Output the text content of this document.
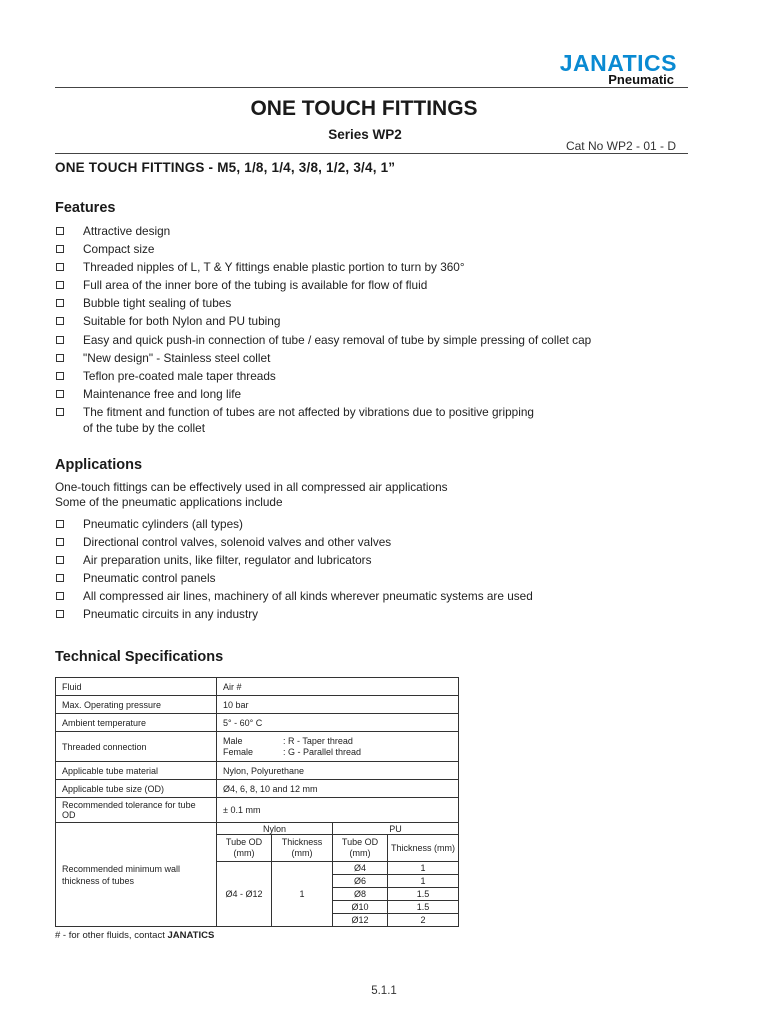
JANATICS
Pneumatic
ONE TOUCH FITTINGS
Series WP2
Cat No WP2 - 01 - D
ONE TOUCH FITTINGS - M5, 1/8, 1/4, 3/8, 1/2, 3/4, 1”
Features
Attractive design
Compact size
Threaded nipples of L, T & Y fittings enable plastic portion to turn by 360°
Full area of the inner bore of the tubing is available for flow of fluid
Bubble tight sealing of tubes
Suitable for both Nylon and PU tubing
Easy and quick push-in connection of tube / easy removal of tube by simple pressing of collet cap
"New design" - Stainless steel collet
Teflon pre-coated male taper threads
Maintenance free and long life
The fitment and function of tubes are not affected by vibrations due to positive gripping
of the tube by the collet
Applications
One-touch fittings can be effectively used in all compressed air applications
Some of the pneumatic applications include
Pneumatic cylinders (all types)
Directional control valves, solenoid valves and other valves
Air preparation units, like filter, regulator and lubricators
Pneumatic control panels
All compressed air lines, machinery of all kinds wherever pneumatic systems are used
Pneumatic circuits in any industry
Technical Specifications
Fluid	Air #			
Max. Operating pressure	10 bar			
Ambient temperature	5° - 60° C			
Threaded connection	Male : R - Taper thread
Female : G - Parallel thread			

Applicable tube material	Nylon, Polyurethane			
Applicable tube size (OD)	Ø4, 6, 8, 10 and 12 mm			
Recommended tolerance for tube OD	± 0.1 mm			
Recommended minimum wall thickness of tubes	Nylon		PU	
	Tube OD (mm)	Thickness (mm)	Tube OD (mm)	Thickness (mm)
	Ø4 - Ø12	1	Ø4	1
			Ø6	1
			Ø8	1.5
			Ø10	1.5
			Ø12	2
# - for other fluids, contact JANATICS
5.1.1
